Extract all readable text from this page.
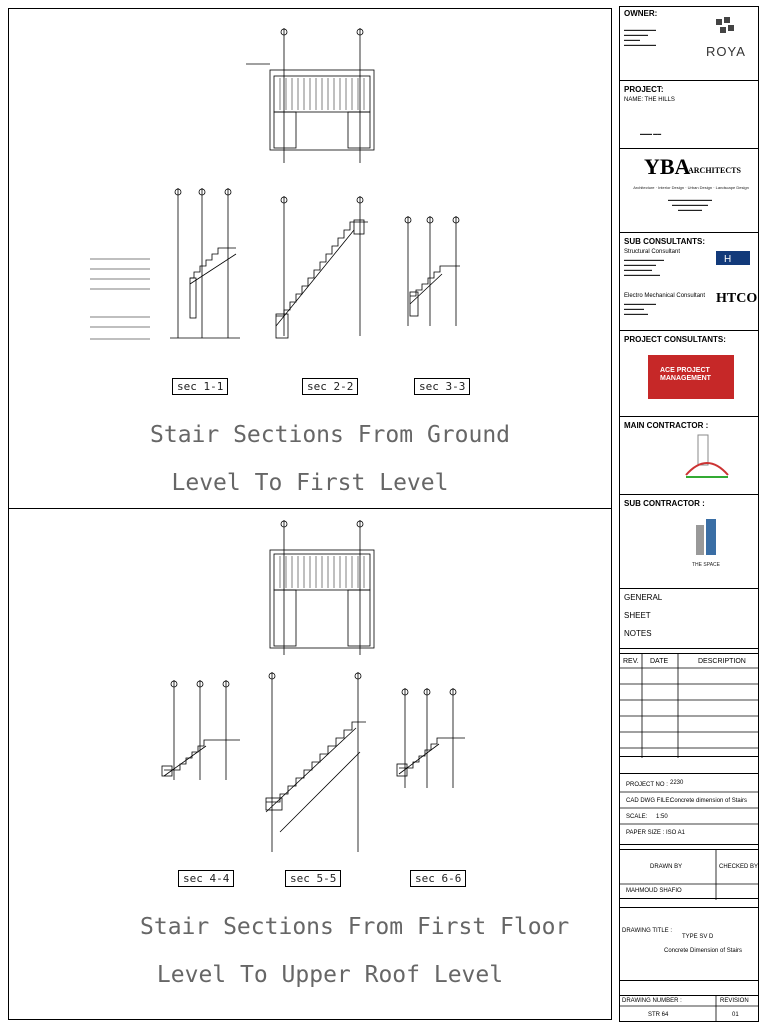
sec 1-1	sec 2-2	sec 3-3
Stair Sections From Ground
Level To First Level
sec 4-4	sec 5-5	sec 6-6
Stair Sections From First Floor
Level To Upper Roof Level
OWNER:
▬▬▬▬▬▬▬▬
▬▬▬▬▬▬
▬▬▬▬
▬▬▬▬▬▬▬▬	ROYA
PROJECT:
NAME: THE HILLS
▬▬▬ ▬▬
YBA
ARCHITECTS
Architecture · Interior Design · Urban Design · Landscape Design
▬▬▬▬▬▬▬▬▬▬▬
▬▬▬▬▬▬▬▬▬
▬▬▬▬▬▬
SUB CONSULTANTS:
Structural Consultant
▬▬▬▬▬▬▬▬▬▬
▬▬▬▬▬▬▬▬
▬▬▬▬▬▬▬
▬▬▬▬▬▬▬▬▬
Electro Mechanical Consultant
▬▬▬▬▬▬▬▬
▬▬▬▬▬
▬▬▬▬▬▬
H
HTCO
PROJECT CONSULTANTS:
ACE PROJECT MANAGEMENT
MAIN CONTRACTOR :
SUB CONTRACTOR :
THE SPACE
GENERAL
SHEET
NOTES
REV. DATE	DESCRIPTION
PROJECT NO : 2230
CAD DWG FILE:
Concrete dimension of Stairs
SCALE: 1:50
PAPER SIZE : ISO A1
DRAWN BY	CHECKED BY
MAHMOUD SHAFIO
DRAWING TITLE :
TYPE SV D
Concrete Dimension of Stairs
DRAWING NUMBER :	REVISION
STR 64	01
